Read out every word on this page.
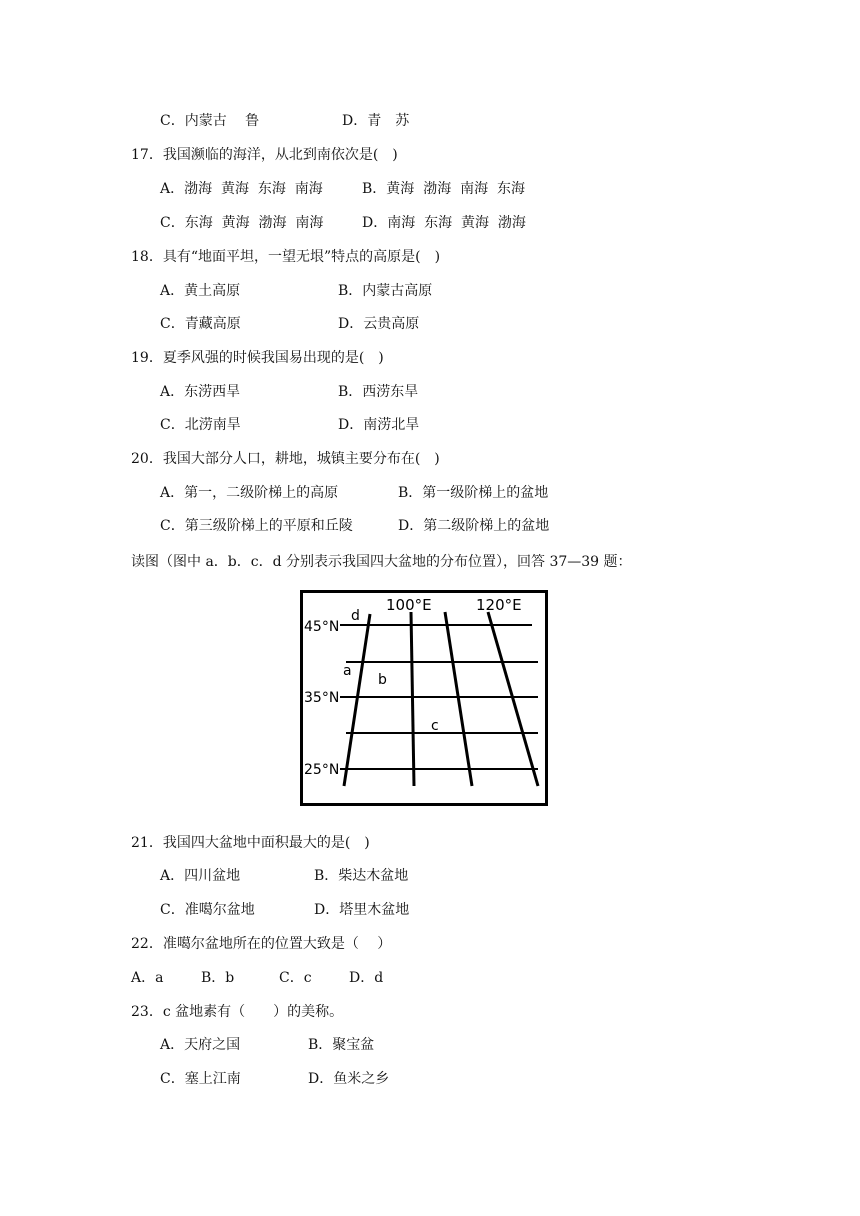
C．内蒙古　 鲁	D．青　苏
17．我国濒临的海洋，从北到南依次是(　)
A．渤海  黄海  东海  南海	B．黄海  渤海  南海  东海
C．东海  黄海  渤海  南海	D．南海  东海  黄海  渤海
18．具有“地面平坦，一望无垠”特点的高原是(　)
A．黄土高原	B．内蒙古高原
C．青藏高原	D．云贵高原
19．夏季风强的时候我国易出现的是(　)
A．东涝西旱	B．西涝东旱
C．北涝南旱	D．南涝北旱
20．我国大部分人口，耕地，城镇主要分布在(　)
A．第一，二级阶梯上的高原	B．第一级阶梯上的盆地
C．第三级阶梯上的平原和丘陵	D．第二级阶梯上的盆地
读图（图中 a．b．c．d 分别表示我国四大盆地的分布位置），回答 37—39 题：
100°E	120°E
45°N
35°N
25°N
a
b
c
d
21．我国四大盆地中面积最大的是(　)
A．四川盆地	B．柴达木盆地
C．准噶尔盆地	D．塔里木盆地
22．准噶尔盆地所在的位置大致是（　 ）
A．a	B．b	C．c	D．d
23．c 盆地素有（　　）的美称。
A．天府之国	B．聚宝盆
C．塞上江南	D．鱼米之乡
